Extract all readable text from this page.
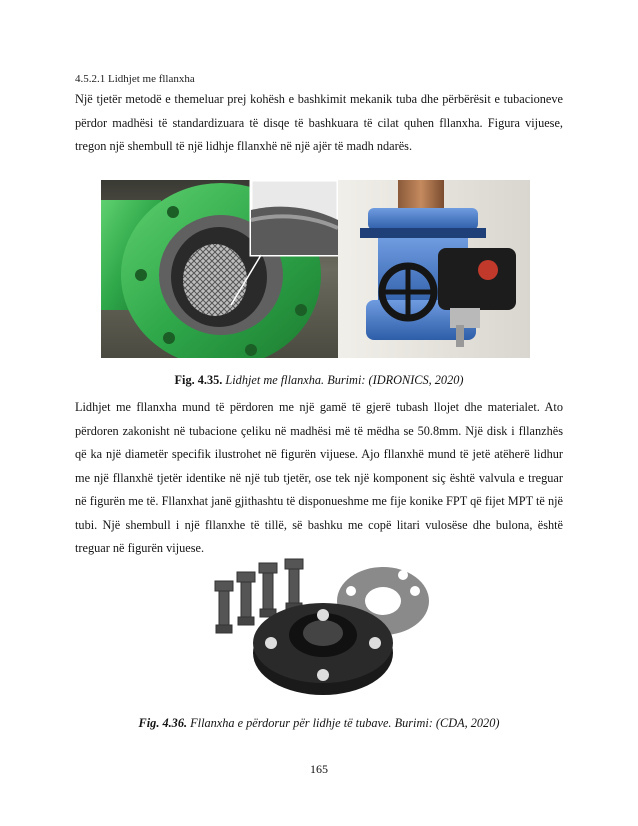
4.5.2.1 Lidhjet me fllanxha

Një tjetër metodë e themeluar prej kohësh e bashkimit mekanik tuba dhe përbërësit e tubacioneve përdor madhësi të standardizuara të disqe të bashkuara të cilat quhen fllanxha. Figura vijuese, tregon një shembull të një lidhje fllanxhë në një ajër të madh ndarës.

Fig. 4.35. Lidhjet me fllanxha. Burimi: (IDRONICS, 2020)

Lidhjet me fllanxha mund të përdoren me një gamë të gjerë tubash llojet dhe materialet. Ato përdoren zakonisht në tubacione çeliku në madhësi më të mëdha se 50.8mm. Një disk i fllanzhës që ka një diametër specifik ilustrohet në figurën vijuese. Ajo fllanxhë mund të jetë atëherë lidhur me një fllanxhë tjetër identike në një tub tjetër, ose tek një komponent siç është valvula e treguar në figurën me të. Fllanxhat janë gjithashtu të disponueshme me fije konike FPT që fijet MPT të një tubi. Një shembull i një fllanxhe të tillë, së bashku me copë litari vulosëse dhe bulona, është treguar në figurën vijuese.

Fig. 4.36. Fllanxha e përdorur për lidhje të tubave. Burimi: (CDA, 2020)
165
